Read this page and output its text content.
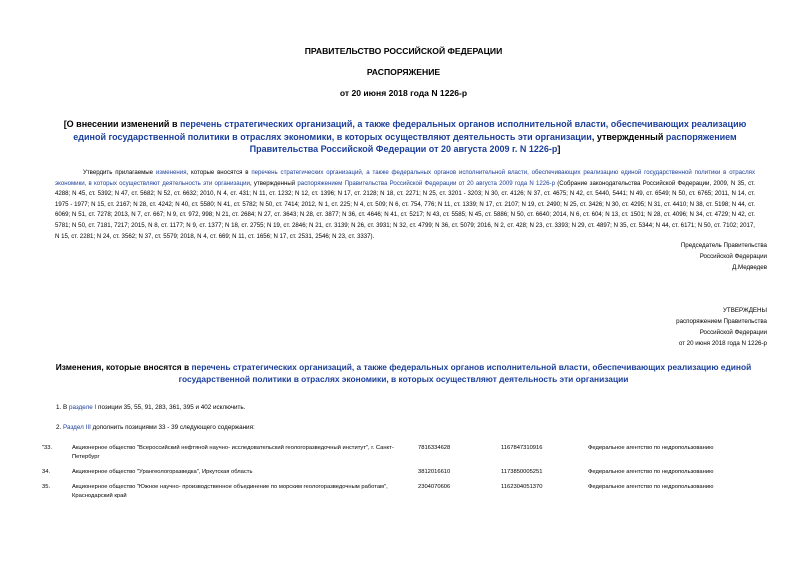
ПРАВИТЕЛЬСТВО РОССИЙСКОЙ ФЕДЕРАЦИИ
РАСПОРЯЖЕНИЕ
от 20 июня 2018 года N 1226-р
[О внесении изменений в перечень стратегических организаций, а также федеральных органов исполнительной власти, обеспечивающих реализацию единой государственной политики в отраслях экономики, в которых осуществляют деятельность эти организации, утвержденный распоряжением Правительства Российской Федерации от 20 августа 2009 г. N 1226-р]
Утвердить прилагаемые изменения, которые вносятся в перечень стратегических организаций, а также федеральных органов исполнительной власти, обеспечивающих реализацию единой государственной политики в отраслях экономики, в которых осуществляют деятельность эти организации, утвержденный распоряжением Правительства Российской Федерации от 20 августа 2009 года N 1226-р (Собрание законодательства Российской Федерации, 2009, N 35, ст. 4288; N 45, ст. 5392; N 47, ст. 5682; N 52, ст. 6632; 2010, N 4, ст. 431; N 11, ст. 1232; N 12, ст. 1396; N 17, ст. 2128; N 18, ст. 2271; N 25, ст. 3201 - 3203; N 30, ст. 4126; N 37, ст. 4675; N 42, ст. 5440, 5441; N 49, ст. 6549; N 50, ст. 6765; 2011, N 14, ст. 1975 - 1977; N 15, ст. 2167; N 28, ст. 4242; N 40, ст. 5580; N 41, ст. 5782; N 50, ст. 7414; 2012, N 1, ст. 225; N 4, ст. 509; N 6, ст. 754, 776; N 11, ст. 1339; N 17, ст. 2107; N 19, ст. 2490; N 25, ст. 3426; N 30, ст. 4295; N 31, ст. 4410; N 38, ст. 5198; N 44, ст. 6069; N 51, ст. 7278; 2013, N 7, ст. 667; N 9, ст. 972, 998; N 21, ст. 2684; N 27, ст. 3643; N 28, ст. 3877; N 36, ст. 4646; N 41, ст. 5217; N 43, ст. 5585; N 45, ст. 5886; N 50, ст. 6640; 2014, N 6, ст. 604; N 13, ст. 1501; N 28, ст. 4096; N 34, ст. 4729; N 42, ст. 5781; N 50, ст. 7181, 7217; 2015, N 8, ст. 1177; N 9, ст. 1377; N 18, ст. 2755; N 19, ст. 2846; N 21, ст. 3139; N 26, ст. 3931; N 32, ст. 4799; N 36, ст. 5079; 2016, N 2, ст. 428; N 23, ст. 3393; N 29, ст. 4897; N 35, ст. 5344; N 44, ст. 6171; N 50, ст. 7102; 2017, N 15, ст. 2281; N 24, ст. 3562; N 37, ст. 5579; 2018, N 4, ст. 669; N 11, ст. 1656; N 17, ст. 2531, 2546; N 23, ст. 3337).
Председатель Правительства
Российской Федерации
Д.Медведев
УТВЕРЖДЕНЫ
распоряжением Правительства
Российской Федерации
от 20 июня 2018 года N 1226-р
Изменения, которые вносятся в перечень стратегических организаций, а также федеральных органов исполнительной власти, обеспечивающих реализацию единой государственной политики в отраслях экономики, в которых осуществляют деятельность эти организации
1. В разделе I позиции 35, 55, 91, 283, 361, 395 и 402 исключить.
2. Раздел III дополнить позициями 33 - 39 следующего содержания:
"33.	Акционерное общество "Всероссийский нефтяной научно- исследовательский геологоразведочный институт", г. Санкт-Петербург	7816334628	1167847310916	Федеральное агентство по недропользованию

34.	Акционерное общество "Урангеологоразведка", Иркутская область	3812016610	1173850005251	Федеральное агентство по недропользованию

35.	Акционерное общество "Южное научно- производственное объединение по морским геологоразведочным работам", Краснодарский край	2304070606	1162304051370	Федеральное агентство по недропользованию
